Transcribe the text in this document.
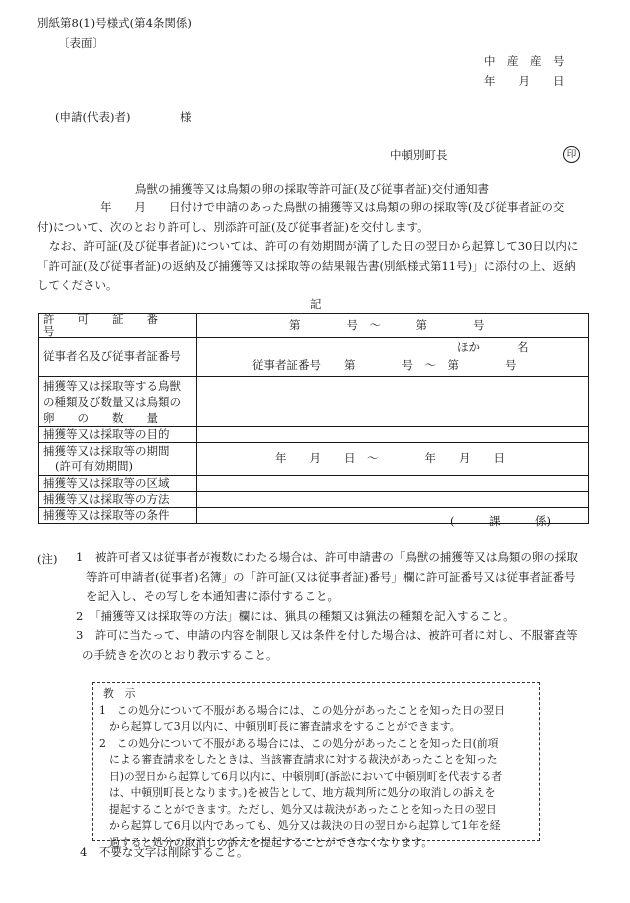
別紙第8(1)号様式(第4条関係)
〔表面〕
中　産　産　号
年　　月　　日
(申請(代表)者)	様
中頓別町長	印
鳥獣の捕獲等又は鳥類の卵の採取等許可証(及び従事者証)交付通知書
年　　月　　日付けで申請のあった鳥獣の捕獲等又は鳥類の卵の採取等(及び従事者証の交
付)について、次のとおり許可し、別添許可証(及び従事者証)を交付します。
なお、許可証(及び従事者証)については、許可の有効期間が満了した日の翌日から起算して30日以内に
「許可証(及び従事者証)の返納及び捕獲等又は採取等の結果報告書(別紙様式第11号)」に添付の上、返納
してください。
記
許　　可　　証　　番　　号	第　　　　号　～　　　第　　　　号
従事者名及び従事者証番号	ほか 名
従事者証番号　　第　　　　号　～　第　　　　号

捕獲等又は採取等する鳥獣
の種類及び数量又は鳥類の
卵　　の　　数　　量	

捕獲等又は採取等の目的	

捕獲等又は採取等の期間
(許可有効期間)	年　　月　　日　～　　　　年　　月　　日
捕獲等又は採取等の区域	
捕獲等又は採取等の方法	
捕獲等又は採取等の条件		(　　　課　　　係)
(注) 1　 被許可者又は従事者が複数にわたる場合は、許可申請書の「鳥獣の捕獲等又は鳥類の卵の採取
等許可申請者(従事者)名簿」の「許可証(又は従事者証)番号」欄に許可証番号又は従事者証番号
を記入し、その写しを本通知書に添付すること。
2　 「捕獲等又は採取等の方法」欄には、猟具の種類又は猟法の種類を記入すること。
3　 許可に当たって、申請の内容を制限し又は条件を付した場合は、被許可者に対し、不服審査等
の手続きを次のとおり教示すること。
教　示
1　この処分について不服がある場合には、この処分があったことを知った日の翌日
から起算して3月以内に、中頓別町長に審査請求をすることができます。
2　この処分について不服がある場合には、この処分があったことを知った日(前項
による審査請求をしたときは、当該審査請求に対する裁決があったことを知った
日)の翌日から起算して6月以内に、中頓別町(訴訟において中頓別町を代表する者
は、中頓別町長となります。)を被告として、地方裁判所に処分の取消しの訴えを
提起することができます。ただし、処分又は裁決があったことを知った日の翌日
から起算して6月以内であっても、処分又は裁決の日の翌日から起算して1年を経
過すると処分の取消しの訴えを提起することができなくなります。
4　不要な文字は削除すること。
